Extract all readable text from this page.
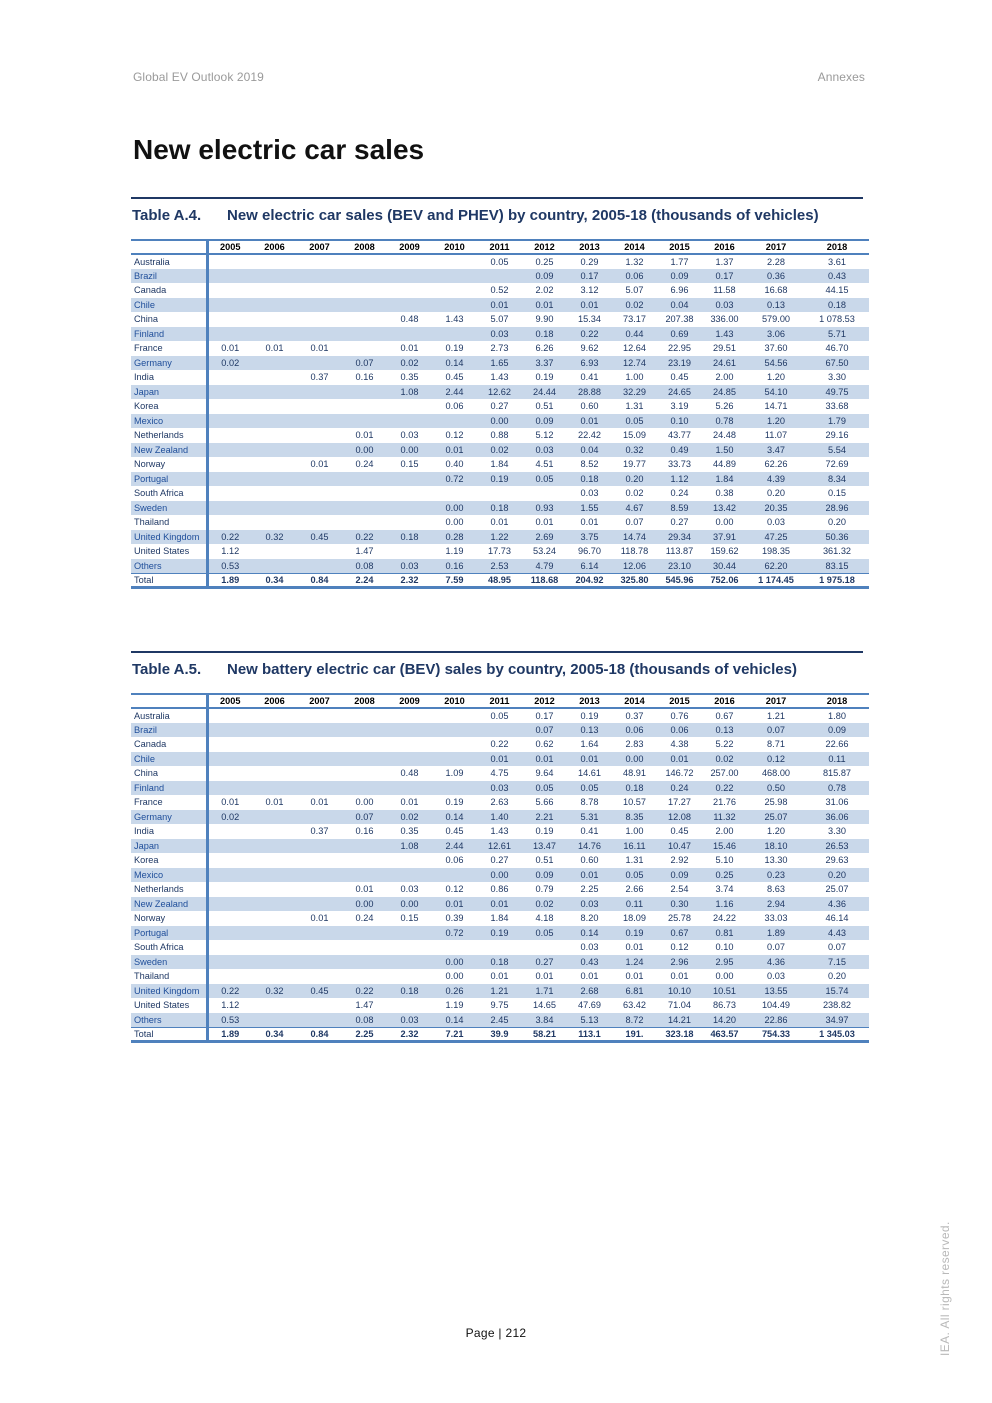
Global EV Outlook 2019	Annexes
New electric car sales
Table A.4. New electric car sales (BEV and PHEV) by country, 2005-18 (thousands of vehicles)
	2005	2006	2007	2008	2009	2010	2011	2012	2013	2014	2015	2016	2017	2018
Australia							0.05	0.25	0.29	1.32	1.77	1.37	2.28	3.61
Brazil								0.09	0.17	0.06	0.09	0.17	0.36	0.43
Canada							0.52	2.02	3.12	5.07	6.96	11.58	16.68	44.15
Chile							0.01	0.01	0.01	0.02	0.04	0.03	0.13	0.18
China					0.48	1.43	5.07	9.90	15.34	73.17	207.38	336.00	579.00	1 078.53
Finland							0.03	0.18	0.22	0.44	0.69	1.43	3.06	5.71
France	0.01	0.01	0.01		0.01	0.19	2.73	6.26	9.62	12.64	22.95	29.51	37.60	46.70
Germany	0.02			0.07	0.02	0.14	1.65	3.37	6.93	12.74	23.19	24.61	54.56	67.50
India			0.37	0.16	0.35	0.45	1.43	0.19	0.41	1.00	0.45	2.00	1.20	3.30
Japan					1.08	2.44	12.62	24.44	28.88	32.29	24.65	24.85	54.10	49.75
Korea						0.06	0.27	0.51	0.60	1.31	3.19	5.26	14.71	33.68
Mexico							0.00	0.09	0.01	0.05	0.10	0.78	1.20	1.79
Netherlands				0.01	0.03	0.12	0.88	5.12	22.42	15.09	43.77	24.48	11.07	29.16
New Zealand				0.00	0.00	0.01	0.02	0.03	0.04	0.32	0.49	1.50	3.47	5.54
Norway			0.01	0.24	0.15	0.40	1.84	4.51	8.52	19.77	33.73	44.89	62.26	72.69
Portugal						0.72	0.19	0.05	0.18	0.20	1.12	1.84	4.39	8.34
South Africa									0.03	0.02	0.24	0.38	0.20	0.15
Sweden						0.00	0.18	0.93	1.55	4.67	8.59	13.42	20.35	28.96
Thailand						0.00	0.01	0.01	0.01	0.07	0.27	0.00	0.03	0.20
United Kingdom	0.22	0.32	0.45	0.22	0.18	0.28	1.22	2.69	3.75	14.74	29.34	37.91	47.25	50.36
United States	1.12			1.47		1.19	17.73	53.24	96.70	118.78	113.87	159.62	198.35	361.32
Others	0.53			0.08	0.03	0.16	2.53	4.79	6.14	12.06	23.10	30.44	62.20	83.15
Total	1.89	0.34	0.84	2.24	2.32	7.59	48.95	118.68	204.92	325.80	545.96	752.06	1 174.45	1 975.18
Table A.5. New battery electric car (BEV) sales by country, 2005-18 (thousands of vehicles)
	2005	2006	2007	2008	2009	2010	2011	2012	2013	2014	2015	2016	2017	2018
Australia							0.05	0.17	0.19	0.37	0.76	0.67	1.21	1.80
Brazil								0.07	0.13	0.06	0.06	0.13	0.07	0.09
Canada							0.22	0.62	1.64	2.83	4.38	5.22	8.71	22.66
Chile							0.01	0.01	0.01	0.00	0.01	0.02	0.12	0.11
China					0.48	1.09	4.75	9.64	14.61	48.91	146.72	257.00	468.00	815.87
Finland							0.03	0.05	0.05	0.18	0.24	0.22	0.50	0.78
France	0.01	0.01	0.01	0.00	0.01	0.19	2.63	5.66	8.78	10.57	17.27	21.76	25.98	31.06
Germany	0.02			0.07	0.02	0.14	1.40	2.21	5.31	8.35	12.08	11.32	25.07	36.06
India			0.37	0.16	0.35	0.45	1.43	0.19	0.41	1.00	0.45	2.00	1.20	3.30
Japan					1.08	2.44	12.61	13.47	14.76	16.11	10.47	15.46	18.10	26.53
Korea						0.06	0.27	0.51	0.60	1.31	2.92	5.10	13.30	29.63
Mexico							0.00	0.09	0.01	0.05	0.09	0.25	0.23	0.20
Netherlands				0.01	0.03	0.12	0.86	0.79	2.25	2.66	2.54	3.74	8.63	25.07
New Zealand				0.00	0.00	0.01	0.01	0.02	0.03	0.11	0.30	1.16	2.94	4.36
Norway			0.01	0.24	0.15	0.39	1.84	4.18	8.20	18.09	25.78	24.22	33.03	46.14
Portugal						0.72	0.19	0.05	0.14	0.19	0.67	0.81	1.89	4.43
South Africa									0.03	0.01	0.12	0.10	0.07	0.07
Sweden						0.00	0.18	0.27	0.43	1.24	2.96	2.95	4.36	7.15
Thailand						0.00	0.01	0.01	0.01	0.01	0.01	0.00	0.03	0.20
United Kingdom	0.22	0.32	0.45	0.22	0.18	0.26	1.21	1.71	2.68	6.81	10.10	10.51	13.55	15.74
United States	1.12			1.47		1.19	9.75	14.65	47.69	63.42	71.04	86.73	104.49	238.82
Others	0.53			0.08	0.03	0.14	2.45	3.84	5.13	8.72	14.21	14.20	22.86	34.97
Total	1.89	0.34	0.84	2.25	2.32	7.21	39.9	58.21	113.1	191.	323.18	463.57	754.33	1 345.03
Page | 212	IEA. All rights reserved.
